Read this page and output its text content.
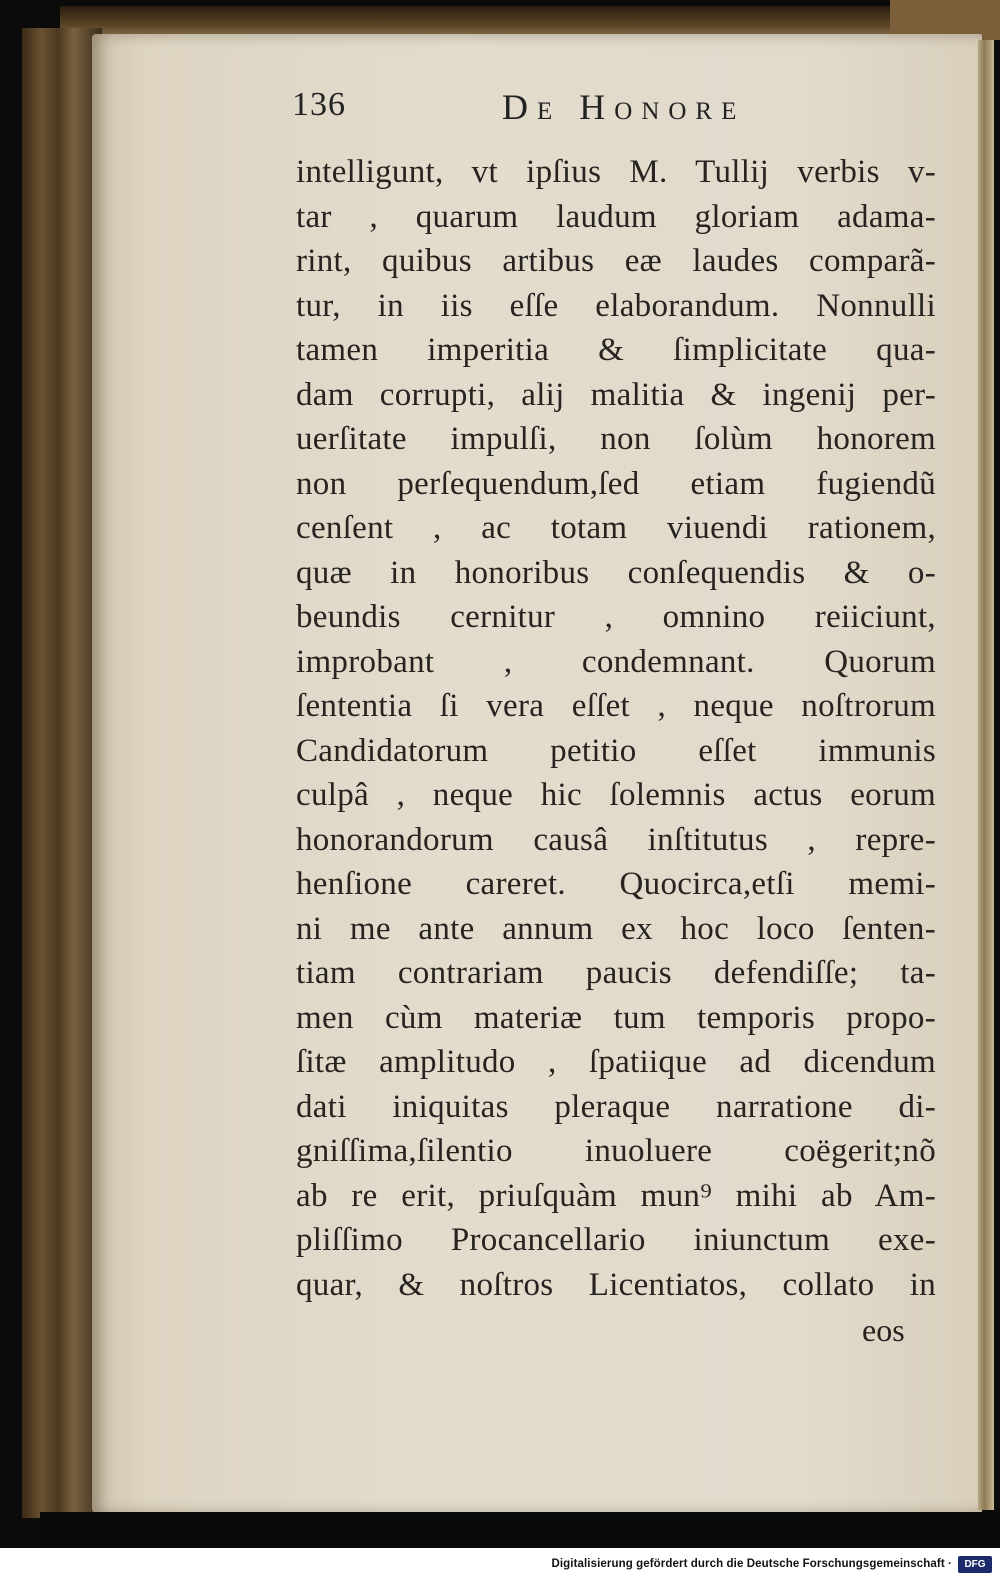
136	De Honore
intelligunt, vt ipſius M. Tullij verbis v-
tar , quarum laudum gloriam adama-
rint, quibus artibus eæ laudes comparã-
tur, in iis eſſe elaborandum. Nonnulli
tamen imperitia & ſimplicitate qua-
dam corrupti, alij malitia & ingenij per-
uerſitate impulſi, non ſolùm honorem
non perſequendum,ſed etiam fugiendũ
cenſent , ac totam viuendi rationem,
quæ in honoribus conſequendis & o-
beundis cernitur , omnino reiiciunt,
improbant , condemnant. Quorum
ſententia ſi vera eſſet , neque noſtrorum
Candidatorum petitio eſſet immunis
culpâ , neque hic ſolemnis actus eorum
honorandorum causâ inſtitutus , repre-
henſione careret. Quocirca,etſi memi-
ni me ante annum ex hoc loco ſenten-
tiam contrariam paucis defendiſſe; ta-
men cùm materiæ tum temporis propo-
ſitæ amplitudo , ſpatiique ad dicendum
dati iniquitas pleraque narratione di-
gniſſima,ſilentio inuoluere coëgerit;nõ
ab re erit, priuſquàm mun⁹ mihi ab Am-
pliſſimo Procancellario iniunctum exe-
quar, & noſtros Licentiatos, collato in
eos
Digitalisierung gefördert durch die Deutsche Forschungsgemeinschaft ·	DFG
